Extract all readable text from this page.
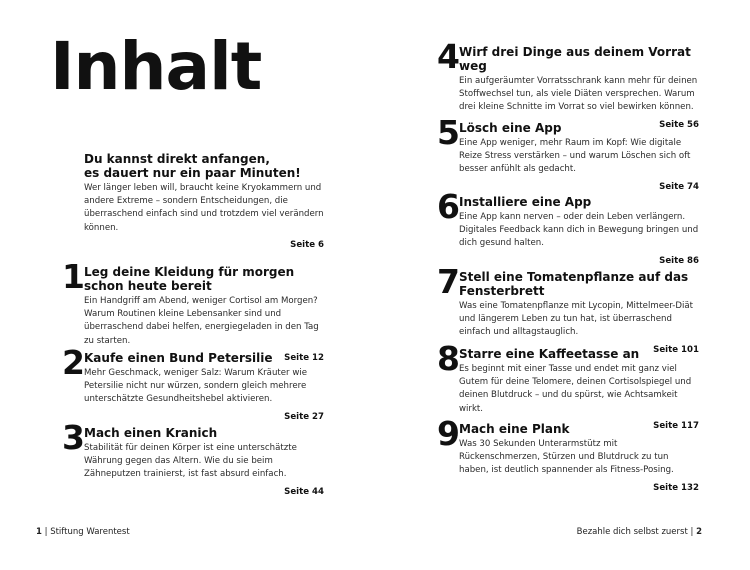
Inhalt
Du kannst direkt anfangen,
es dauert nur ein paar Minuten!

Wer länger leben will, braucht keine Kryokammern und andere Extreme – sondern Entscheidungen, die überraschend einfach sind und trotzdem viel verändern können.

Seite 6
1 Leg deine Kleidung für morgen schon heute bereit

Ein Handgriff am Abend, weniger Cortisol am Morgen? Warum Routinen kleine Lebensanker sind und überraschend dabei helfen, energiegeladen in den Tag zu starten.

Seite 12
2 Kaufe einen Bund Petersilie

Mehr Geschmack, weniger Salz: Warum Kräuter wie Petersilie nicht nur würzen, sondern gleich mehrere unterschätzte Gesundheitshebel aktivieren.

Seite 27
3 Mach einen Kranich

Stabilität für deinen Körper ist eine unterschätzte Währung gegen das Altern. Wie du sie beim Zähneputzen trainierst, ist fast absurd einfach.

Seite 44
4 Wirf drei Dinge aus deinem Vorrat weg

Ein aufgeräumter Vorratsschrank kann mehr für deinen Stoffwechsel tun, als viele Diäten versprechen. Warum drei kleine Schnitte im Vorrat so viel bewirken können.

Seite 56
5 Lösch eine App

Eine App weniger, mehr Raum im Kopf: Wie digitale Reize Stress verstärken – und warum Löschen sich oft besser anfühlt als gedacht.

Seite 74
6 Installiere eine App

Eine App kann nerven – oder dein Leben verlängern. Digitales Feedback kann dich in Bewegung bringen und dich gesund halten.

Seite 86
7 Stell eine Tomatenpflanze auf das Fensterbrett

Was eine Tomatenpflanze mit Lycopin, Mittelmeer-Diät und längerem Leben zu tun hat, ist überraschend einfach und alltagstauglich.

Seite 101
8 Starre eine Kaffeetasse an

Es beginnt mit einer Tasse und endet mit ganz viel Gutem für deine Telomere, deinen Cortisolspiegel und deinen Blutdruck – und du spürst, wie Achtsamkeit wirkt.

Seite 117
9 Mach eine Plank

Was 30 Sekunden Unterarmstütz mit Rückenschmerzen, Stürzen und Blutdruck zu tun haben, ist deutlich spannender als Fitness-Posing.

Seite 132
1 | Stiftung Warentest	Bezahle dich selbst zuerst | 2
